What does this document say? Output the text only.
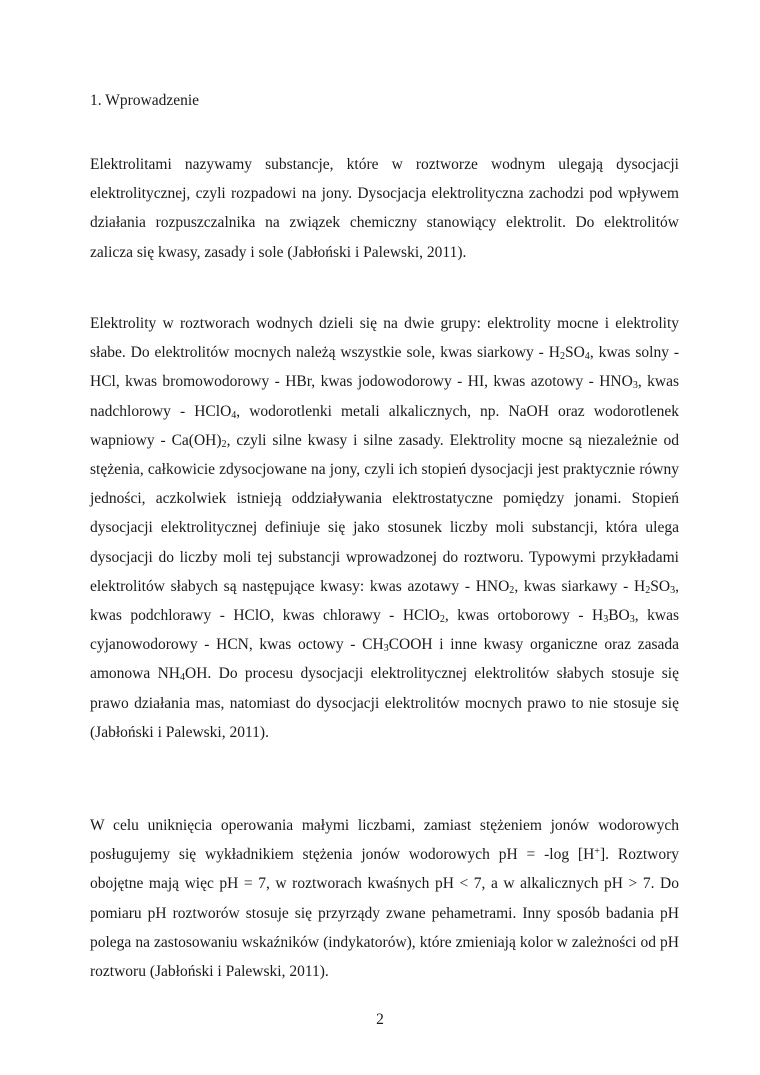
1. Wprowadzenie

Elektrolitami nazywamy substancje, które w roztworze wodnym ulegają dysocjacji elektrolitycznej, czyli rozpadowi na jony. Dysocjacja elektrolityczna zachodzi pod wpływem działania rozpuszczalnika na związek chemiczny stanowiący elektrolit. Do elektrolitów zalicza się kwasy, zasady i sole (Jabłoński i Palewski, 2011).

Elektrolity w roztworach wodnych dzieli się na dwie grupy: elektrolity mocne i elektrolity słabe. Do elektrolitów mocnych należą wszystkie sole, kwas siarkowy - $H_2SO_4$, kwas solny - HCl, kwas bromowodorowy - HBr, kwas jodowodorowy - HI, kwas azotowy - $HNO_3$, kwas nadchlorowy - HClO$_4$, wodorotlenki metali alkalicznych, np. NaOH oraz wodorotlenek wapniowy - $Ca(OH)_2$, czyli silne kwasy i silne zasady. Elektrolity mocne są niezależnie od stężenia, całkowicie zdysocjowane na jony, czyli ich stopień dysocjacji jest praktycznie równy jedności, aczkolwiek istnieją oddziaływania elektrostatyczne pomiędzy jonami. Stopień dysocjacji elektrolitycznej definiuje się jako stosunek liczby moli substancji, która ulega dysocjacji do liczby moli tej substancji wprowadzonej do roztworu. Typowymi przykładami elektrolitów słabych są następujące kwasy: kwas azotawy - $HNO_2$, kwas siarkawy - $H_2SO_3$, kwas podchlorawy - HClO, kwas chlorawy - HClO$_2$, kwas ortoborowy - $H_3BO_3$, kwas cyjanowodorowy - HCN, kwas octowy - $CH_3COOH$ i inne kwasy organiczne oraz zasada amonowa $NH_4OH$. Do procesu dysocjacji elektrolitycznej elektrolitów słabych stosuje się prawo działania mas, natomiast do dysocjacji elektrolitów mocnych prawo to nie stosuje się (Jabłoński i Palewski, 2011).

W celu uniknięcia operowania małymi liczbami, zamiast stężeniem jonów wodorowych posługujemy się wykładnikiem stężenia jonów wodorowych pH = -log [H+]. Roztwory obojętne mają więc pH = 7, w roztworach kwaśnych pH < 7, a w alkalicznych pH > 7. Do pomiaru pH roztworów stosuje się przyrządy zwane pehametrami. Inny sposób badania pH polega na zastosowaniu wskaźników (indykatorów), które zmieniają kolor w zależności od pH roztworu (Jabłoński i Palewski, 2011).

2
